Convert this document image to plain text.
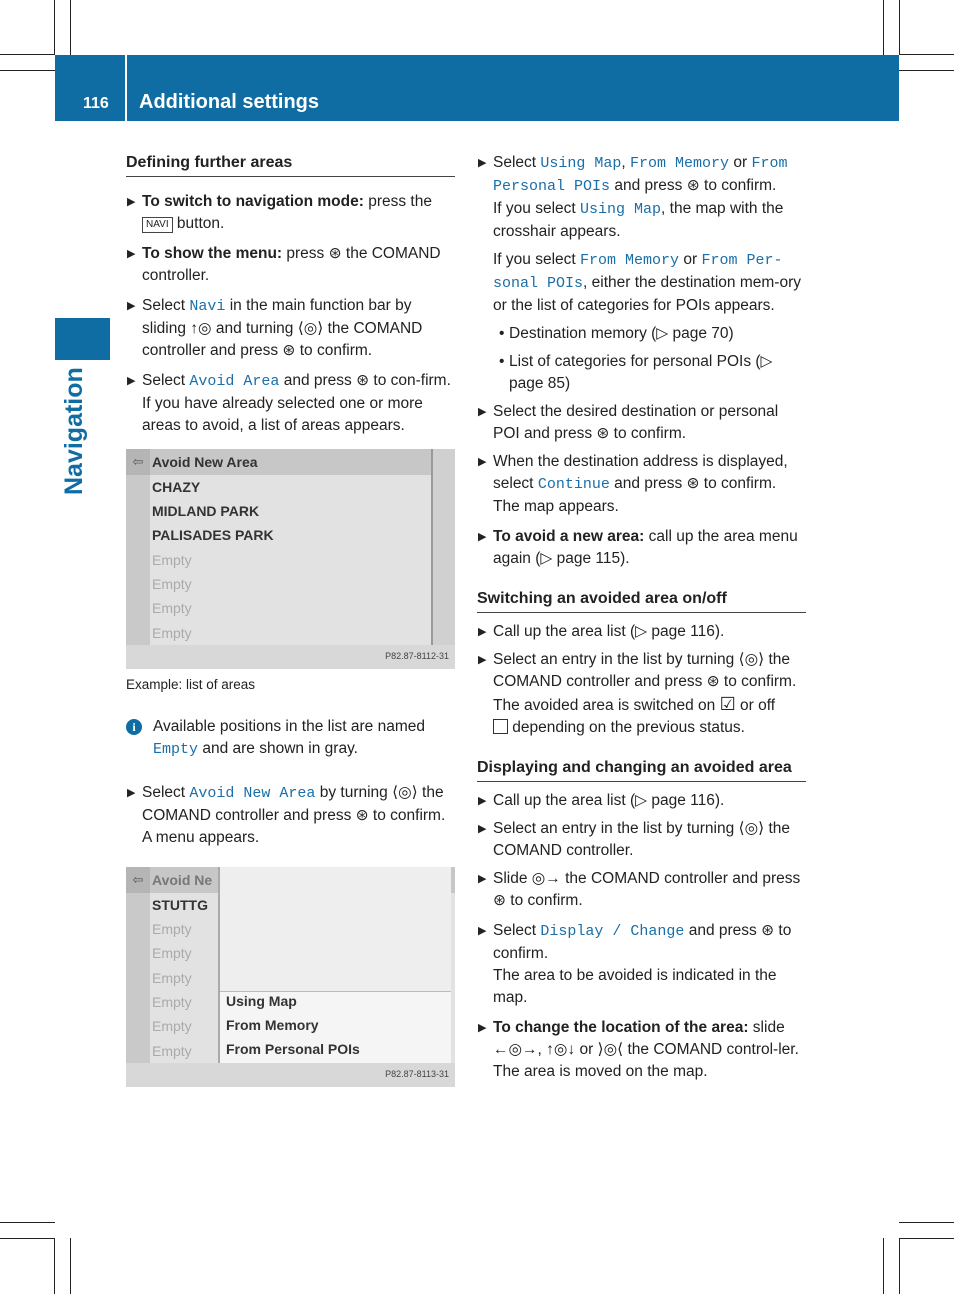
116 Additional settings
Navigation
Defining further areas

▶ To switch to navigation mode: press the
NAVI button.

▶ To show the menu: press ⊛ the COMAND controller.

▶ Select Navi in the main function bar by sliding ↑◎ and turning ⟨◎⟩ the COMAND controller and press ⊛ to confirm.

▶ Select Avoid Area and press ⊛ to con-firm.
If you have already selected one or more areas to avoid, a list of areas appears.

⇦ Avoid New Area
CHAZY
MIDLAND PARK
PALISADES PARK
Empty
Empty
Empty
Empty
P82.87-8112-31
Example: list of areas

i	Available positions in the list are named Empty and are shown in gray.

▶ Select Avoid New Area by turning ⟨◎⟩ the COMAND controller and press ⊛ to confirm.
A menu appears.

⇦ Avoid Ne
STUTTG
Empty
Empty
Empty
Empty
Empty
Empty
Using Map
From Memory
From Personal POIs
P82.87-8113-31

▶ Select Using Map, From Memory or From Personal POIs and press ⊛ to confirm.
If you select Using Map, the map with the crosshair appears.

If you select From Memory or From Per-sonal POIs, either the destination mem-ory or the list of categories for POIs appears.

• Destination memory (▷ page 70)
• List of categories for personal POIs (▷ page 85)

▶ Select the desired destination or personal POI and press ⊛ to confirm.

▶ When the destination address is displayed, select Continue and press ⊛ to confirm.
The map appears.

▶ To avoid a new area: call up the area menu again (▷ page 115).

Switching an avoided area on/off

▶ Call up the area list (▷ page 116).

▶ Select an entry in the list by turning ⟨◎⟩ the COMAND controller and press ⊛ to confirm.
The avoided area is switched on ☑ or off
depending on the previous status.

Displaying and changing an avoided area

▶ Call up the area list (▷ page 116).

▶ Select an entry in the list by turning ⟨◎⟩ the COMAND controller.

▶ Slide ◎→ the COMAND controller and press ⊛ to confirm.

▶ Select Display / Change and press ⊛ to confirm.
The area to be avoided is indicated in the map.

▶ To change the location of the area: slide ←◎→, ↑◎↓ or ⟩◎⟨ the COMAND control-ler.
The area is moved on the map.
